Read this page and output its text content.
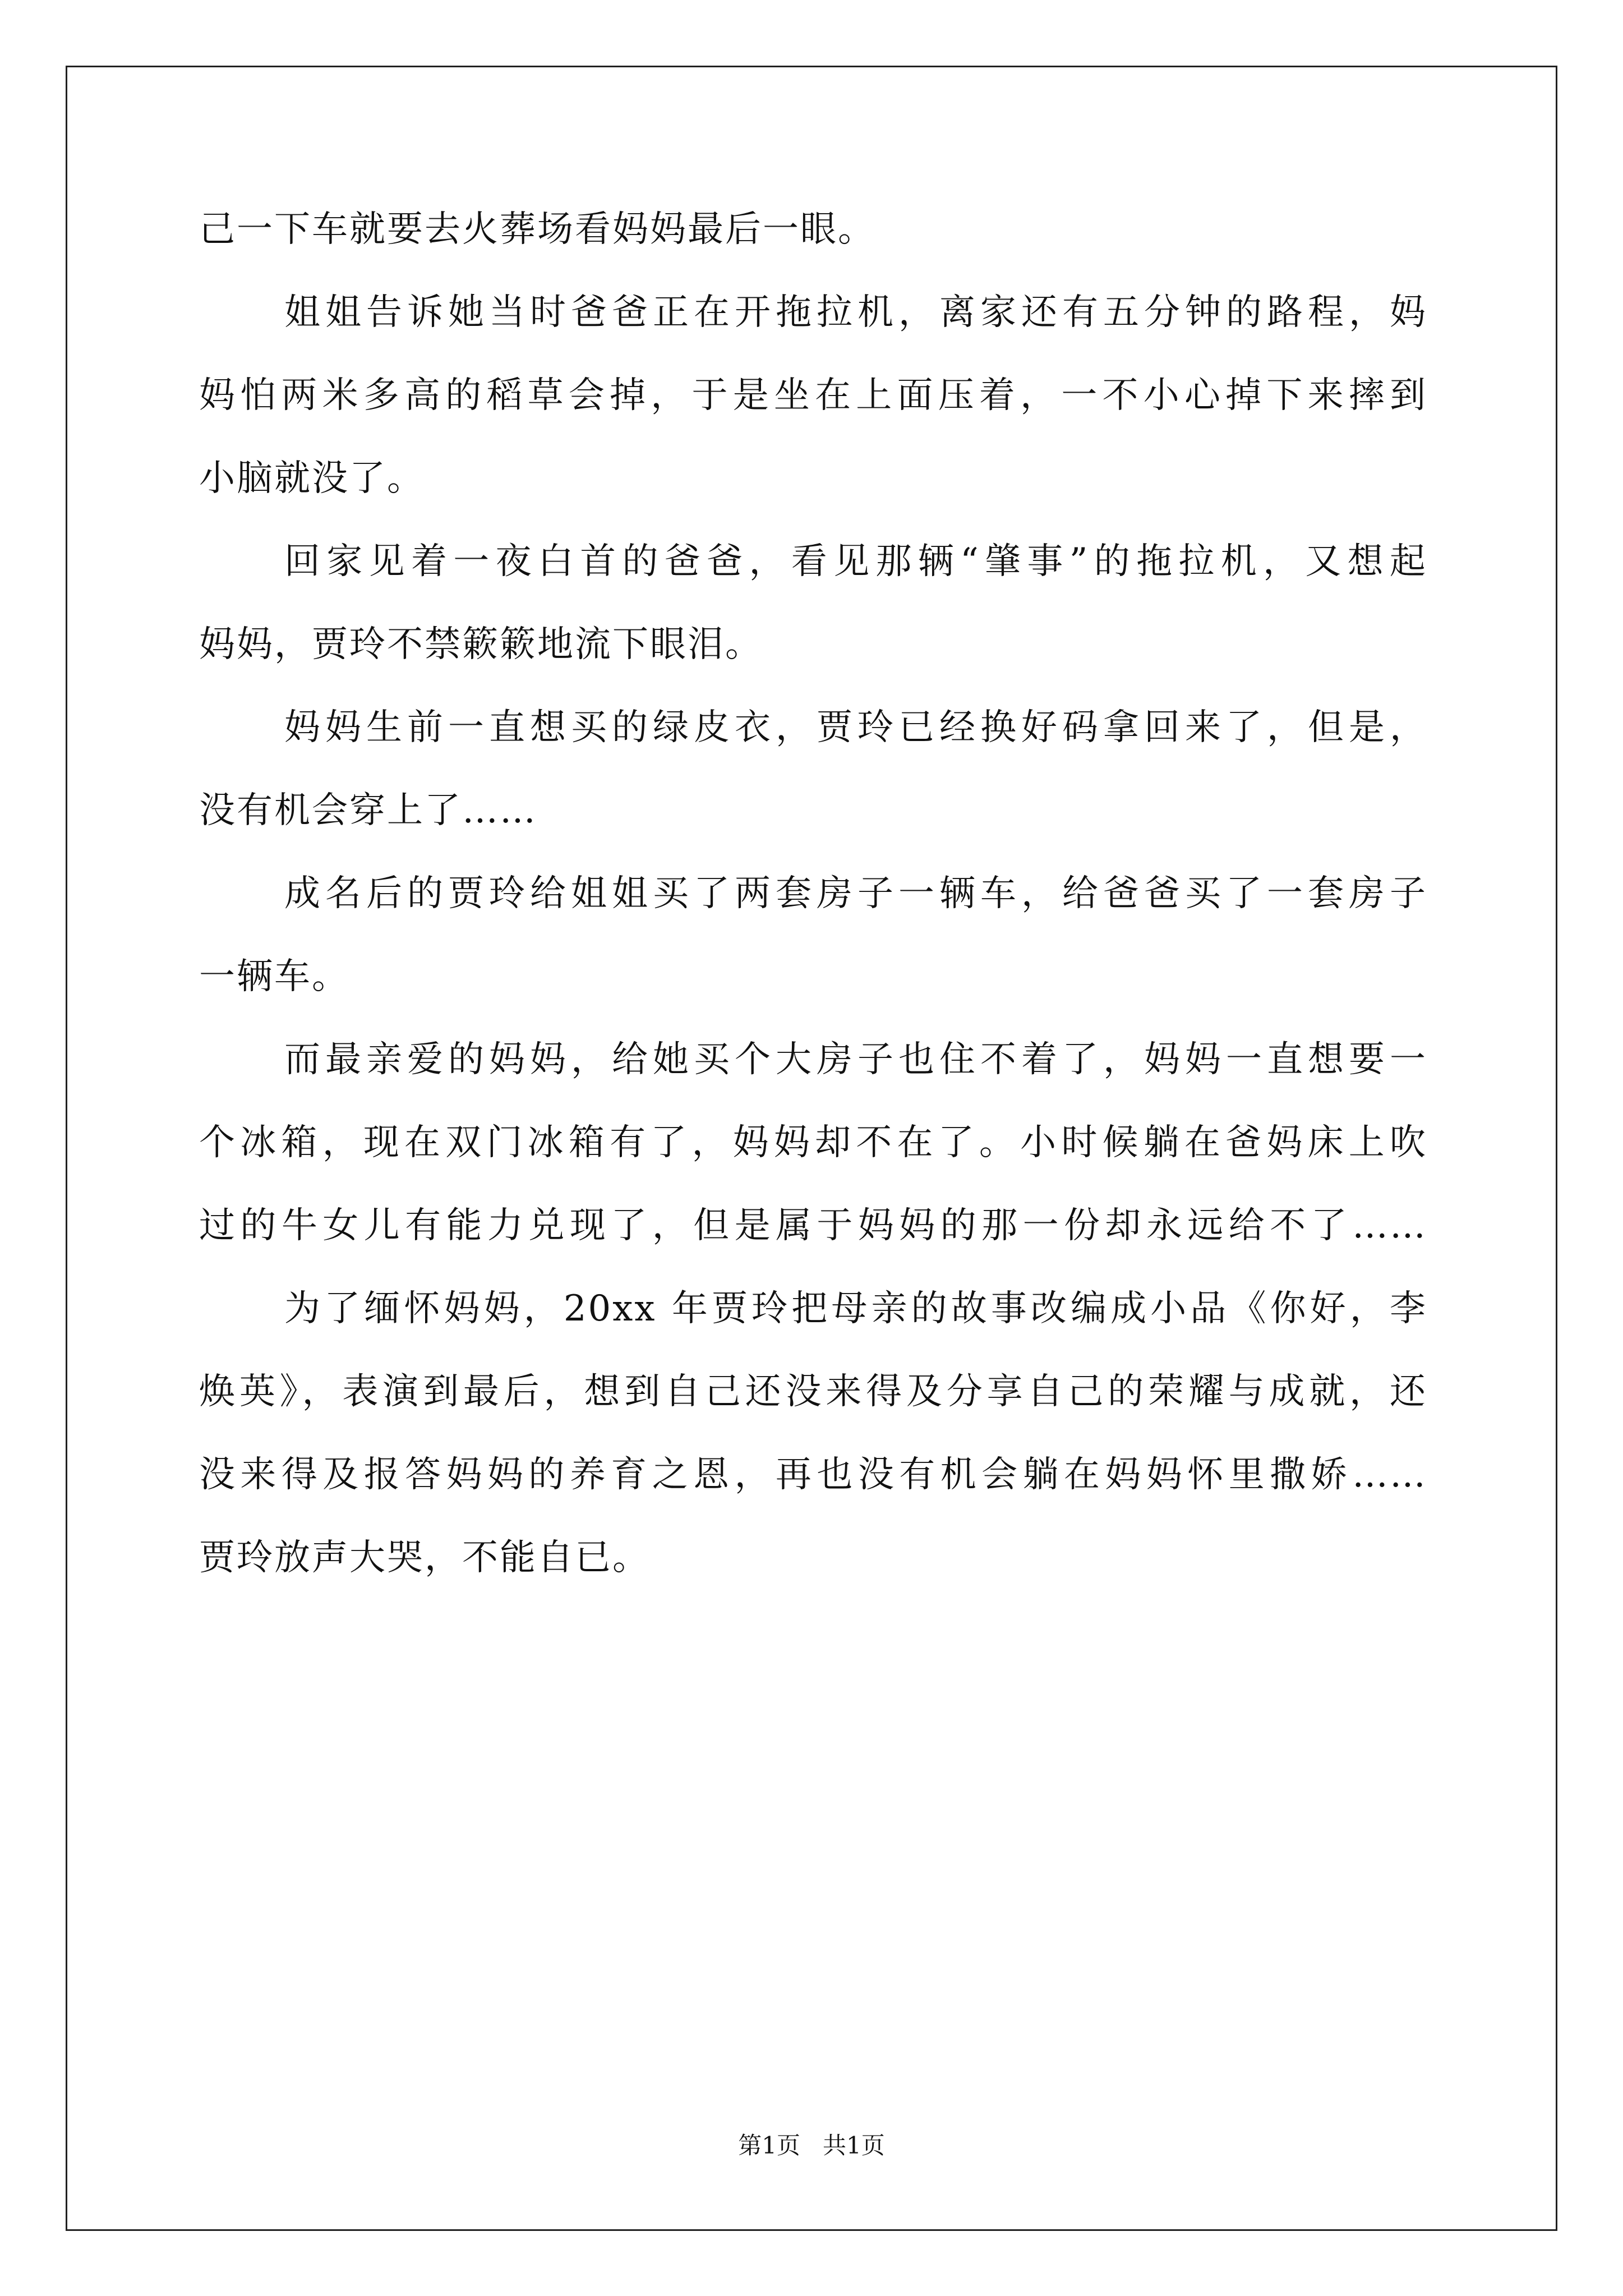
己一下车就要去火葬场看妈妈最后一眼。
姐姐告诉她当时爸爸正在开拖拉机，离家还有五分钟的路程，妈
妈怕两米多高的稻草会掉，于是坐在上面压着，一不小心掉下来摔到
小脑就没了。
回家见着一夜白首的爸爸，看见那辆“肇事”的拖拉机，又想起
妈妈，贾玲不禁簌簌地流下眼泪。
妈妈生前一直想买的绿皮衣，贾玲已经换好码拿回来了，但是，
没有机会穿上了……
成名后的贾玲给姐姐买了两套房子一辆车，给爸爸买了一套房子
一辆车。
而最亲爱的妈妈，给她买个大房子也住不着了，妈妈一直想要一
个冰箱，现在双门冰箱有了，妈妈却不在了。小时候躺在爸妈床上吹
过的牛女儿有能力兑现了，但是属于妈妈的那一份却永远给不了……
为了缅怀妈妈，20xx 年贾玲把母亲的故事改编成小品《你好，李
焕英》，表演到最后，想到自己还没来得及分享自己的荣耀与成就，还
没来得及报答妈妈的养育之恩，再也没有机会躺在妈妈怀里撒娇……
贾玲放声大哭，不能自已。
第1页   共1页
